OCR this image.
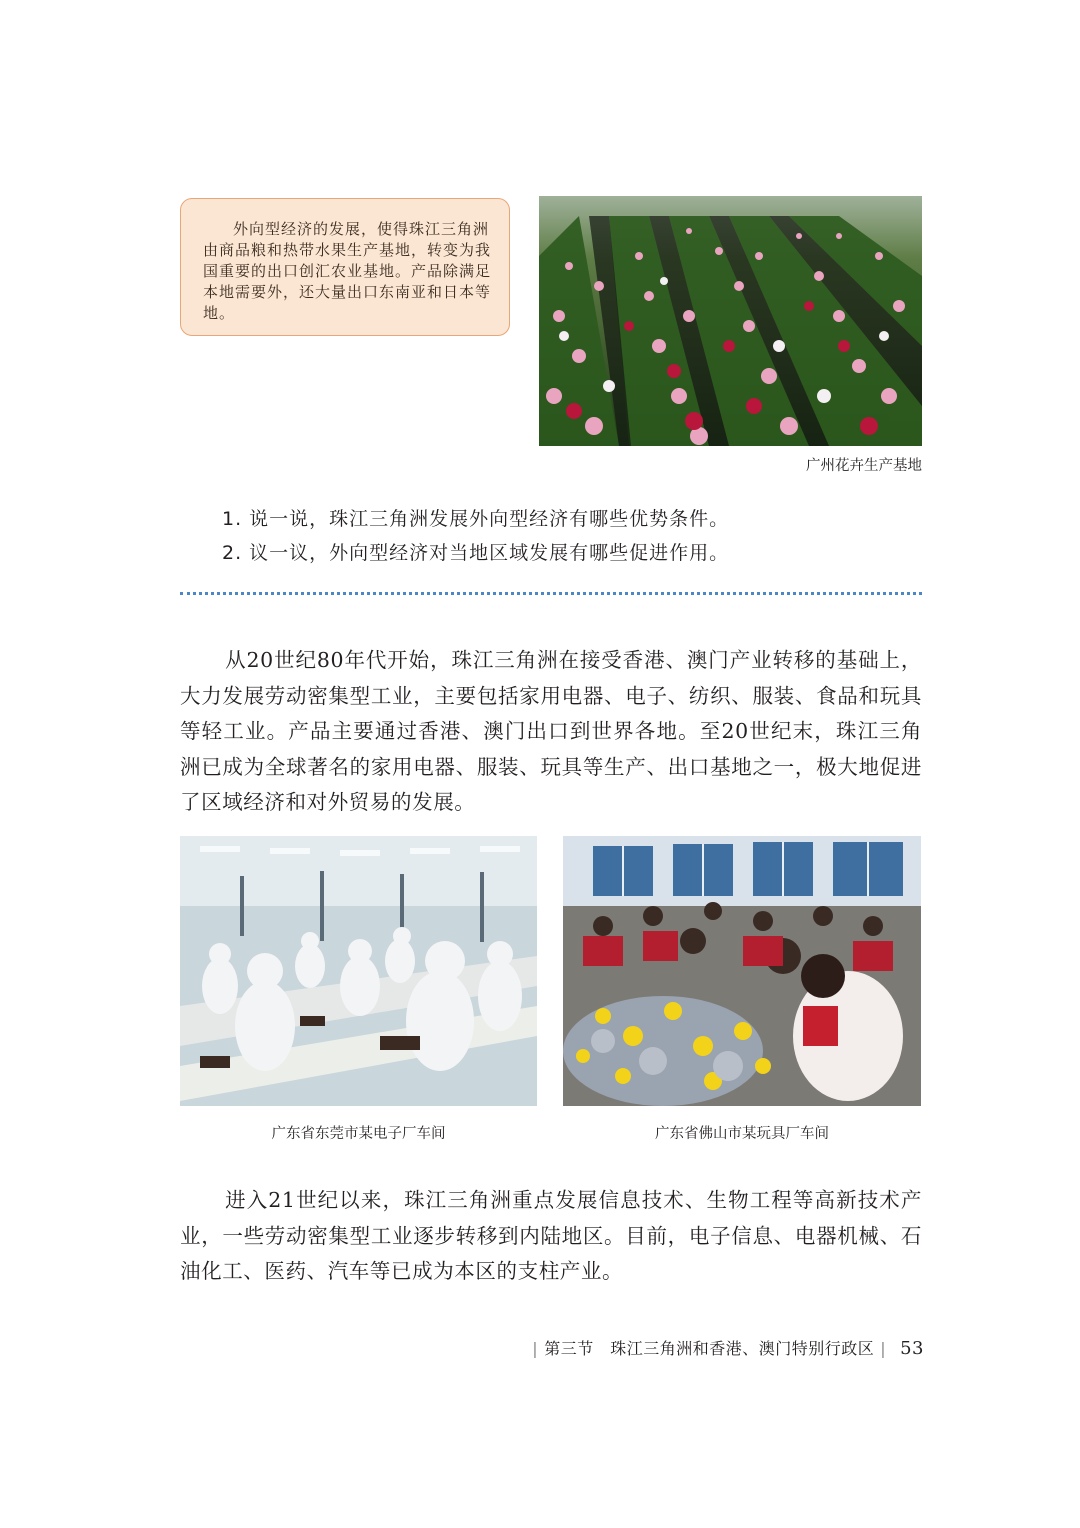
外向型经济的发展，使得珠江三角洲由商品粮和热带水果生产基地，转变为我国重要的出口创汇农业基地。产品除满足本地需要外，还大量出口东南亚和日本等地。
广州花卉生产基地
1. 说一说，珠江三角洲发展外向型经济有哪些优势条件。
2. 议一议，外向型经济对当地区域发展有哪些促进作用。
从20世纪80年代开始，珠江三角洲在接受香港、澳门产业转移的基础上，大力发展劳动密集型工业，主要包括家用电器、电子、纺织、服装、食品和玩具等轻工业。产品主要通过香港、澳门出口到世界各地。至20世纪末，珠江三角洲已成为全球著名的家用电器、服装、玩具等生产、出口基地之一，极大地促进了区域经济和对外贸易的发展。
广东省东莞市某电子厂车间	广东省佛山市某玩具厂车间
进入21世纪以来，珠江三角洲重点发展信息技术、生物工程等高新技术产业，一些劳动密集型工业逐步转移到内陆地区。目前，电子信息、电器机械、石油化工、医药、汽车等已成为本区的支柱产业。
| 第三节　珠江三角洲和香港、澳门特别行政区 | 53
